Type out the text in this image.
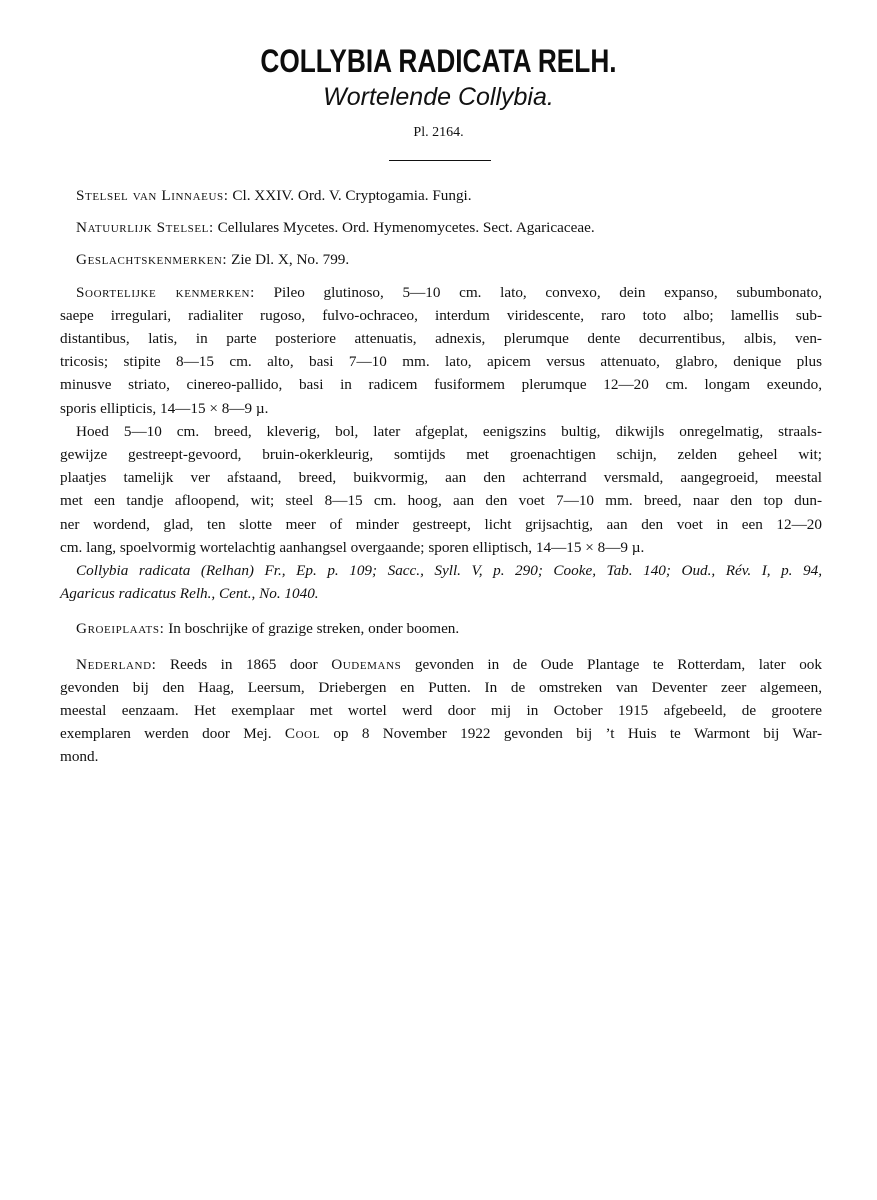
COLLYBIA RADICATA RELH.
Wortelende Collybia.
Pl. 2164.

Stelsel van Linnaeus: Cl. XXIV. Ord. V. Cryptogamia. Fungi.

Natuurlijk Stelsel: Cellulares Mycetes. Ord. Hymenomycetes. Sect. Agaricaceae.

Geslachtskenmerken: Zie Dl. X, No. 799.

Soortelijke kenmerken: Pileo glutinoso, 5—10 cm. lato, convexo, dein expanso, subumbonato,
saepe irregulari, radialiter rugoso, fulvo-ochraceo, interdum viridescente, raro toto albo; lamellis sub-
distantibus, latis, in parte posteriore attenuatis, adnexis, plerumque dente decurrentibus, albis, ven-
tricosis; stipite 8—15 cm. alto, basi 7—10 mm. lato, apicem versus attenuato, glabro, denique plus
minusve striato, cinereo-pallido, basi in radicem fusiformem plerumque 12—20 cm. longam exeundo,
sporis ellipticis, 14—15 × 8—9 µ.
Hoed 5—10 cm. breed, kleverig, bol, later afgeplat, eenigszins bultig, dikwijls onregelmatig, straals-
gewijze gestreept-gevoord, bruin-okerkleurig, somtijds met groenachtigen schijn, zelden geheel wit;
plaatjes tamelijk ver afstaand, breed, buikvormig, aan den achterrand versmald, aangegroeid, meestal
met een tandje afloopend, wit; steel 8—15 cm. hoog, aan den voet 7—10 mm. breed, naar den top dun-
ner wordend, glad, ten slotte meer of minder gestreept, licht grijsachtig, aan den voet in een 12—20
cm. lang, spoelvormig wortelachtig aanhangsel overgaande; sporen elliptisch, 14—15 × 8—9 µ.
Collybia radicata (Relhan) Fr., Ep. p. 109; Sacc., Syll. V, p. 290; Cooke, Tab. 140; Oud., Rév. I, p. 94,
Agaricus radicatus Relh., Cent., No. 1040.

Groeiplaats: In boschrijke of grazige streken, onder boomen.

Nederland: Reeds in 1865 door Oudemans gevonden in de Oude Plantage te Rotterdam, later ook
gevonden bij den Haag, Leersum, Driebergen en Putten. In de omstreken van Deventer zeer algemeen,
meestal eenzaam. Het exemplaar met wortel werd door mij in October 1915 afgebeeld, de grootere
exemplaren werden door Mej. Cool op 8 November 1922 gevonden bij ’t Huis te Warmont bij War-
mond.
